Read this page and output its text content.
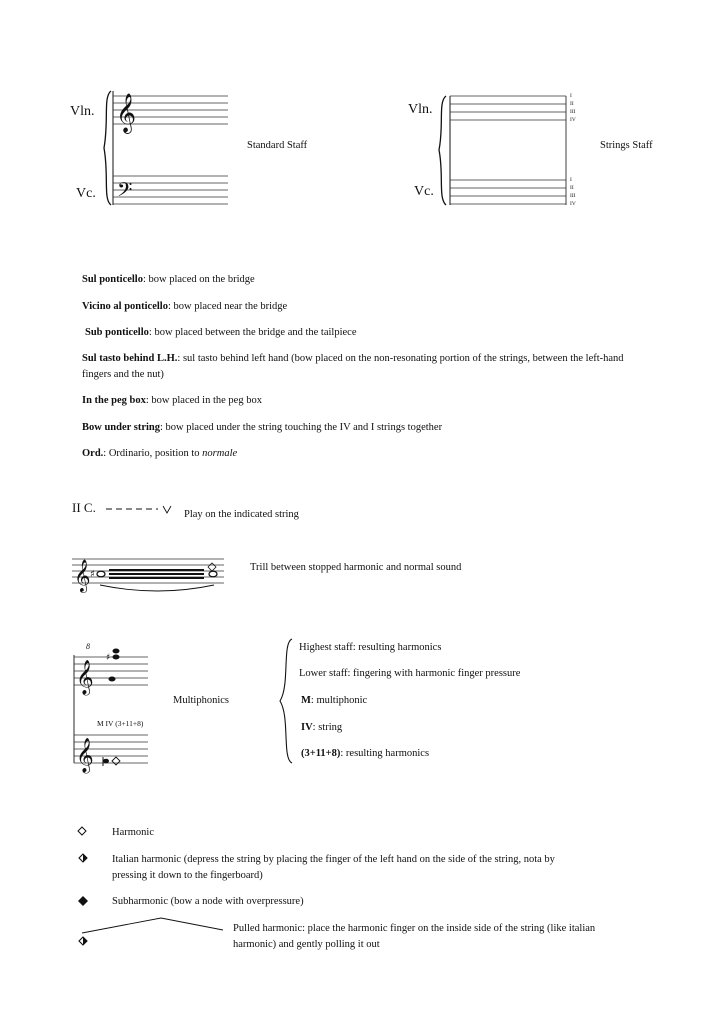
Vln.
Vc.
𝄞
𝄢
Standard Staff
Vln.
Vc.
Strings Staff
I
II
III
IV
I
II
III
IV
Sul ponticello: bow placed on the bridge
Vicino al ponticello: bow placed near the bridge
Sub ponticello: bow placed between the bridge and the tailpiece
Sul tasto behind L.H.: sul tasto behind left hand (bow placed on the non-resonating portion of the strings, between the left-hand fingers and the nut)
In the peg box: bow placed in the peg box
Bow under string: bow placed under the string touching the IV and I strings together
Ord.: Ordinario, position to normale
II C.	Play on the indicated string
𝄞 ♯
Trill between stopped harmonic and normal sound
𝄞
𝄞
♯
8
M IV (3+11+8)
Multiphonics
Highest staff: resulting harmonics
Lower staff: fingering with harmonic finger pressure
M: multiphonic
IV: string
(3+11+8): resulting harmonics
Harmonic
Italian harmonic (depress the string by placing the finger of the left hand on the side of the string, nota by pressing it down to the fingerboard)
Subharmonic (bow a node with overpressure)
Pulled harmonic: place the harmonic finger on the inside side of the string (like italian harmonic) and gently polling it out
